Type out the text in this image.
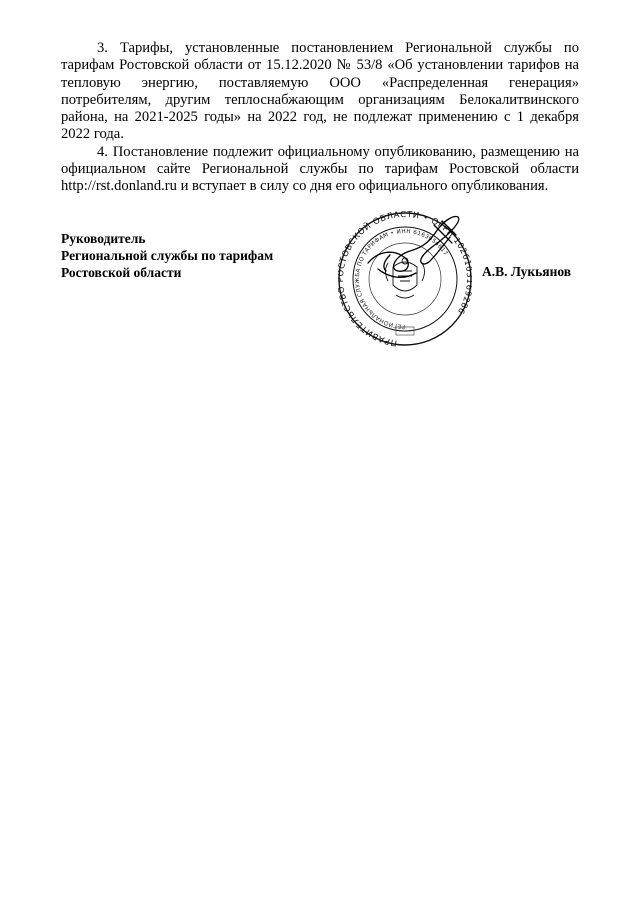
3. Тарифы, установленные постановлением Региональной службы по тарифам Ростовской области от 15.12.2020 № 53/8 «Об установлении тарифов на тепловую энергию, поставляемую ООО «Распределенная генерация» потребителям, другим теплоснабжающим организациям Белокалитвинского района, на 2021-2025 годы» на 2022 год, не подлежат применению с 1 декабря 2022 года.

4. Постановление подлежит официальному опубликованию, размещению на официальном сайте Региональной службы по тарифам Ростовской области http://rst.donland.ru и вступает в силу со дня его официального опубликования.

Руководитель

Региональной службы по тарифам

Ростовской области

ПРАВИТЕЛЬСТ ТОВСКОЙ ОБЛАСТИ • ОГРН 1026 286
РЕГИОНАЛЬНАЯ СЛУЖБА ПО ТАРИФАМ • ИНН 6163054617
А.В. Лукьянов
